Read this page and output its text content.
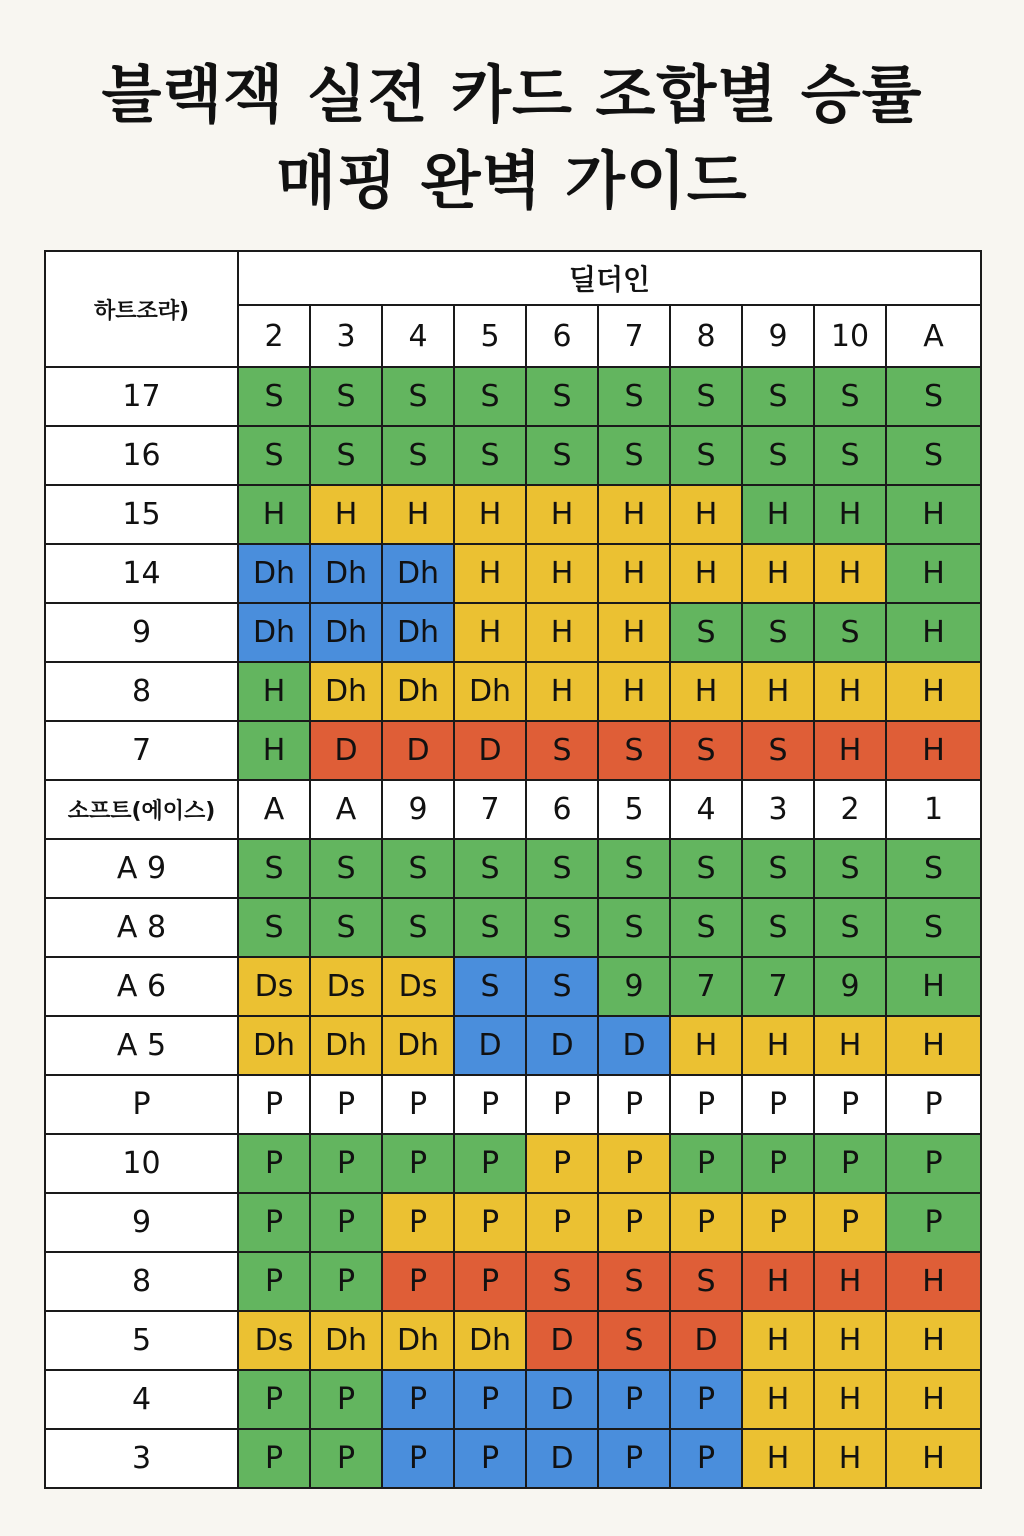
블랙잭 실전 카드 조합별 승률
매핑 완벽 가이드
하트조랴)	딜더인									
	2	3	4	5	6	7	8	9	10	A
17	S	S	S	S	S	S	S	S	S	S
16	S	S	S	S	S	S	S	S	S	S
15	H	H	H	H	H	H	H	H	H	H
14	Dh	Dh	Dh	H	H	H	H	H	H	H
9	Dh	Dh	Dh	H	H	H	S	S	S	H
8	H	Dh	Dh	Dh	H	H	H	H	H	H
7	H	D	D	D	S	S	S	S	H	H
소프트(에이스)	A	A	9	7	6	5	4	3	2	1
A 9	S	S	S	S	S	S	S	S	S	S
A 8	S	S	S	S	S	S	S	S	S	S
A 6	Ds	Ds	Ds	S	S	9	7	7	9	H
A 5	Dh	Dh	Dh	D	D	D	H	H	H	H
P	P	P	P	P	P	P	P	P	P	P
10	P	P	P	P	P	P	P	P	P	P
9	P	P	P	P	P	P	P	P	P	P
8	P	P	P	P	S	S	S	H	H	H
5	Ds	Dh	Dh	Dh	D	S	D	H	H	H
4	P	P	P	P	D	P	P	H	H	H
3	P	P	P	P	D	P	P	H	H	H
